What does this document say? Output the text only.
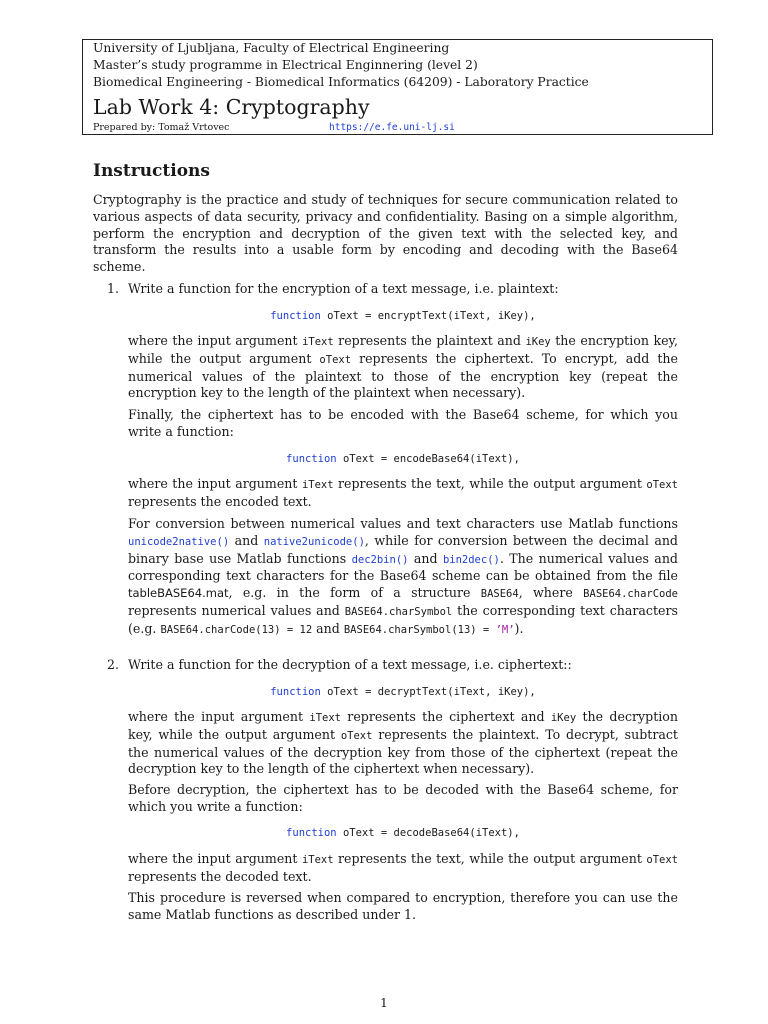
University of Ljubljana, Faculty of Electrical Engineering
Master’s study programme in Electrical Enginnering (level 2)
Biomedical Engineering - Biomedical Informatics (64209) - Laboratory Practice
Lab Work 4: Cryptography
Prepared by: Tomaž Vrtovec	https://e.fe.uni-lj.si
Instructions

Cryptography is the practice and study of techniques for secure communication related to various aspects of data security, privacy and confidentiality. Basing on a simple algorithm, perform the encryption and decryption of the given text with the selected key, and transform the results into a usable form by encoding and decoding with the Base64 scheme.

1. Write a function for the encryption of a text message, i.e. plaintext:
function oText = encryptText(iText, iKey),

where the input argument iText represents the plaintext and iKey the encryption key, while the output argument oText represents the ciphertext. To encrypt, add the numerical values of the plaintext to those of the encryption key (repeat the encryption key to the length of the plaintext when necessary).

Finally, the ciphertext has to be encoded with the Base64 scheme, for which you write a function:

function oText = encodeBase64(iText),

where the input argument iText represents the text, while the output argument oText represents the encoded text.

For conversion between numerical values and text characters use Matlab functions unicode2native() and native2unicode(), while for conversion between the decimal and binary base use Matlab functions dec2bin() and bin2dec(). The numerical values and corresponding text characters for the Base64 scheme can be obtained from the file tableBASE64.mat, e.g. in the form of a structure BASE64, where BASE64.charCode represents numerical values and BASE64.charSymbol the corresponding text characters (e.g. BASE64.charCode(13) = 12 and BASE64.charSymbol(13) = ’M’).

2. Write a function for the decryption of a text message, i.e. ciphertext::
function oText = decryptText(iText, iKey),

where the input argument iText represents the ciphertext and iKey the decryption key, while the output argument oText represents the plaintext. To decrypt, subtract the numerical values of the decryption key from those of the ciphertext (repeat the decryption key to the length of the ciphertext when necessary).

Before decryption, the ciphertext has to be decoded with the Base64 scheme, for which you write a function:

function oText = decodeBase64(iText),

where the input argument iText represents the text, while the output argument oText represents the decoded text.

This procedure is reversed when compared to encryption, therefore you can use the same Matlab functions as described under 1.

1
